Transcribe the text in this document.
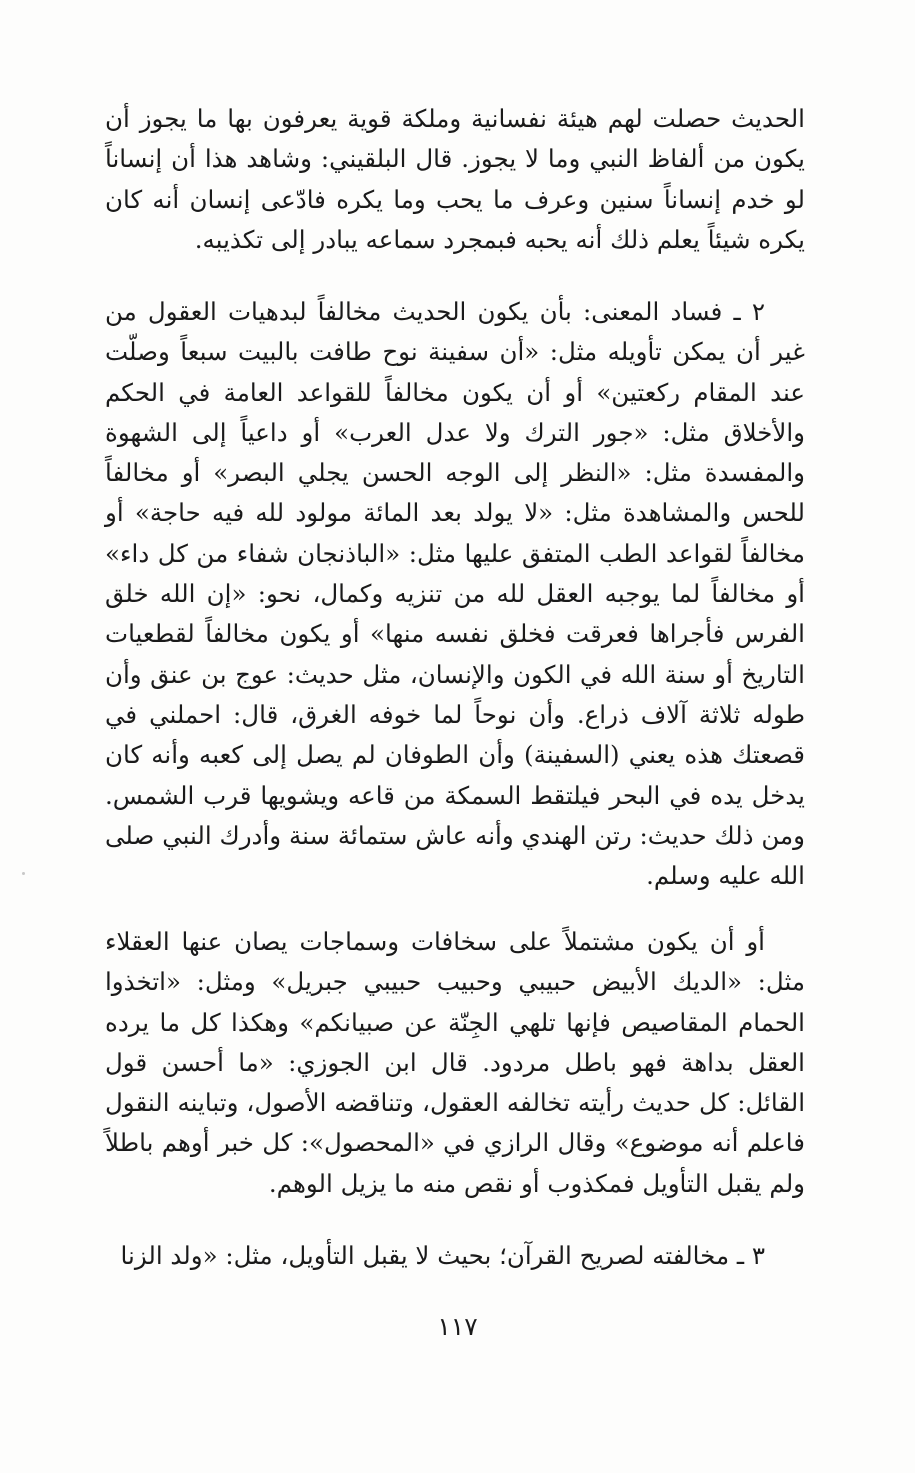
الحديث حصلت لهم هيئة نفسانية وملكة قوية يعرفون بها ما يجوز أن يكون من ألفاظ النبي وما لا يجوز. قال البلقيني: وشاهد هذا أن إنساناً لو خدم إنساناً سنين وعرف ما يحب وما يكره فادّعى إنسان أنه كان يكره شيئاً يعلم ذلك أنه يحبه فبمجرد سماعه يبادر إلى تكذيبه.

٢ ـ فساد المعنى: بأن يكون الحديث مخالفاً لبدهيات العقول من غير أن يمكن تأويله مثل: «أن سفينة نوح طافت بالبيت سبعاً وصلّت عند المقام ركعتين» أو أن يكون مخالفاً للقواعد العامة في الحكم والأخلاق مثل: «جور الترك ولا عدل العرب» أو داعياً إلى الشهوة والمفسدة مثل: «النظر إلى الوجه الحسن يجلي البصر» أو مخالفاً للحس والمشاهدة مثل: «لا يولد بعد المائة مولود لله فيه حاجة» أو مخالفاً لقواعد الطب المتفق عليها مثل: «الباذنجان شفاء من كل داء» أو مخالفاً لما يوجبه العقل لله من تنزيه وكمال، نحو: «إن الله خلق الفرس فأجراها فعرقت فخلق نفسه منها» أو يكون مخالفاً لقطعيات التاريخ أو سنة الله في الكون والإنسان، مثل حديث: عوج بن عنق وأن طوله ثلاثة آلاف ذراع. وأن نوحاً لما خوفه الغرق، قال: احملني في قصعتك هذه يعني (السفينة) وأن الطوفان لم يصل إلى كعبه وأنه كان يدخل يده في البحر فيلتقط السمكة من قاعه ويشويها قرب الشمس. ومن ذلك حديث: رتن الهندي وأنه عاش ستمائة سنة وأدرك النبي صلى الله عليه وسلم.

أو أن يكون مشتملاً على سخافات وسماجات يصان عنها العقلاء مثل: «الديك الأبيض حبيبي وحبيب حبيبي جبريل» ومثل: «اتخذوا الحمام المقاصيص فإنها تلهي الجِنّة عن صبيانكم» وهكذا كل ما يرده العقل بداهة فهو باطل مردود. قال ابن الجوزي: «ما أحسن قول القائل: كل حديث رأيته تخالفه العقول، وتناقضه الأصول، وتباينه النقول فاعلم أنه موضوع» وقال الرازي في «المحصول»: كل خبر أوهم باطلاً ولم يقبل التأويل فمكذوب أو نقص منه ما يزيل الوهم.

٣ ـ مخالفته لصريح القرآن؛ بحيث لا يقبل التأويل، مثل: «ولد الزنا

١١٧
